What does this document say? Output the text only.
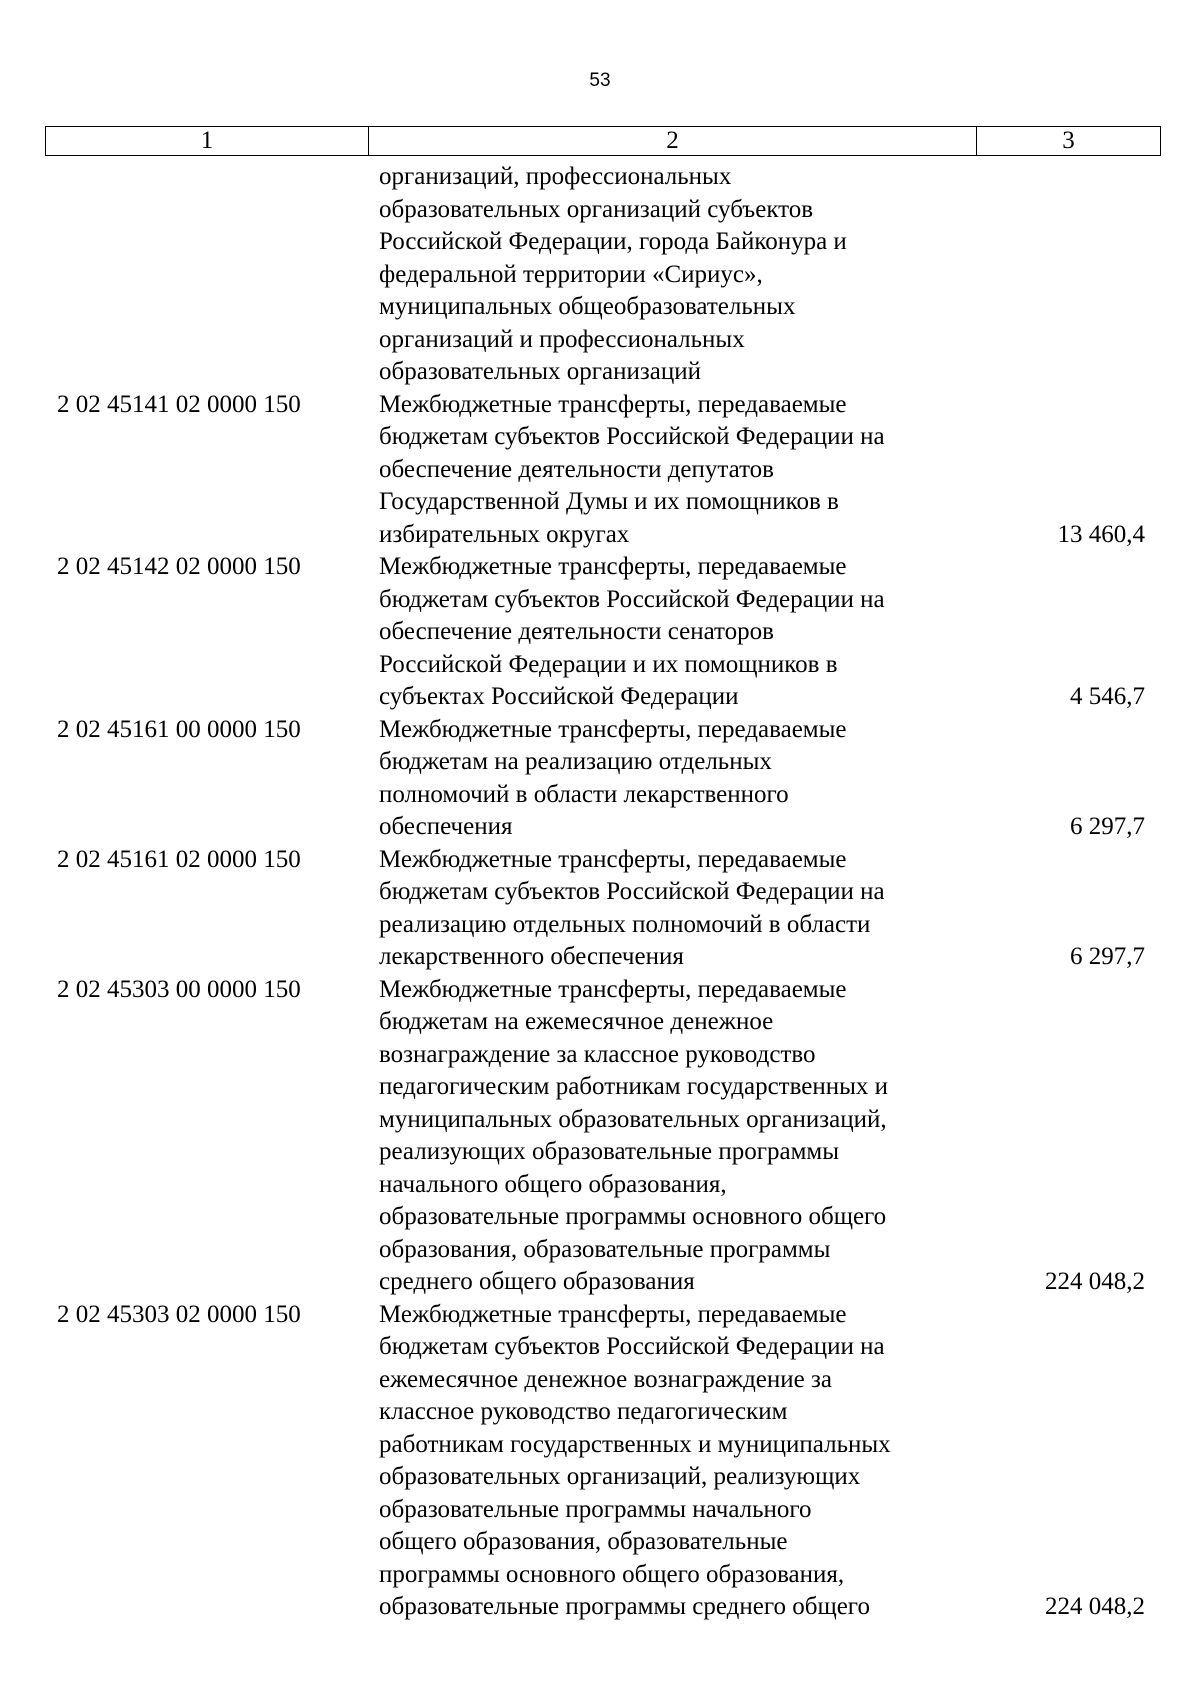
53
1	2	3
организаций, профессиональных
образовательных организаций субъектов
Российской Федерации, города Байконура и
федеральной территории «Сириус»,
муниципальных общеобразовательных
организаций и профессиональных
образовательных организаций
2 02 45141 02 0000 150	Межбюджетные трансферты, передаваемые
бюджетам субъектов Российской Федерации на
обеспечение деятельности депутатов
Государственной Думы и их помощников в
избирательных округах	13 460,4
2 02 45142 02 0000 150	Межбюджетные трансферты, передаваемые
бюджетам субъектов Российской Федерации на
обеспечение деятельности сенаторов
Российской Федерации и их помощников в
субъектах Российской Федерации	4 546,7
2 02 45161 00 0000 150	Межбюджетные трансферты, передаваемые
бюджетам на реализацию отдельных
полномочий в области лекарственного
обеспечения	6 297,7
2 02 45161 02 0000 150	Межбюджетные трансферты, передаваемые
бюджетам субъектов Российской Федерации на
реализацию отдельных полномочий в области
лекарственного обеспечения	6 297,7
2 02 45303 00 0000 150	Межбюджетные трансферты, передаваемые
бюджетам на ежемесячное денежное
вознаграждение за классное руководство
педагогическим работникам государственных и
муниципальных образовательных организаций,
реализующих образовательные программы
начального общего образования,
образовательные программы основного общего
образования, образовательные программы
среднего общего образования	224 048,2
2 02 45303 02 0000 150	Межбюджетные трансферты, передаваемые
бюджетам субъектов Российской Федерации на
ежемесячное денежное вознаграждение за
классное руководство педагогическим
работникам государственных и муниципальных
образовательных организаций, реализующих
образовательные программы начального
общего образования, образовательные
программы основного общего образования,
образовательные программы среднего общего	224 048,2
